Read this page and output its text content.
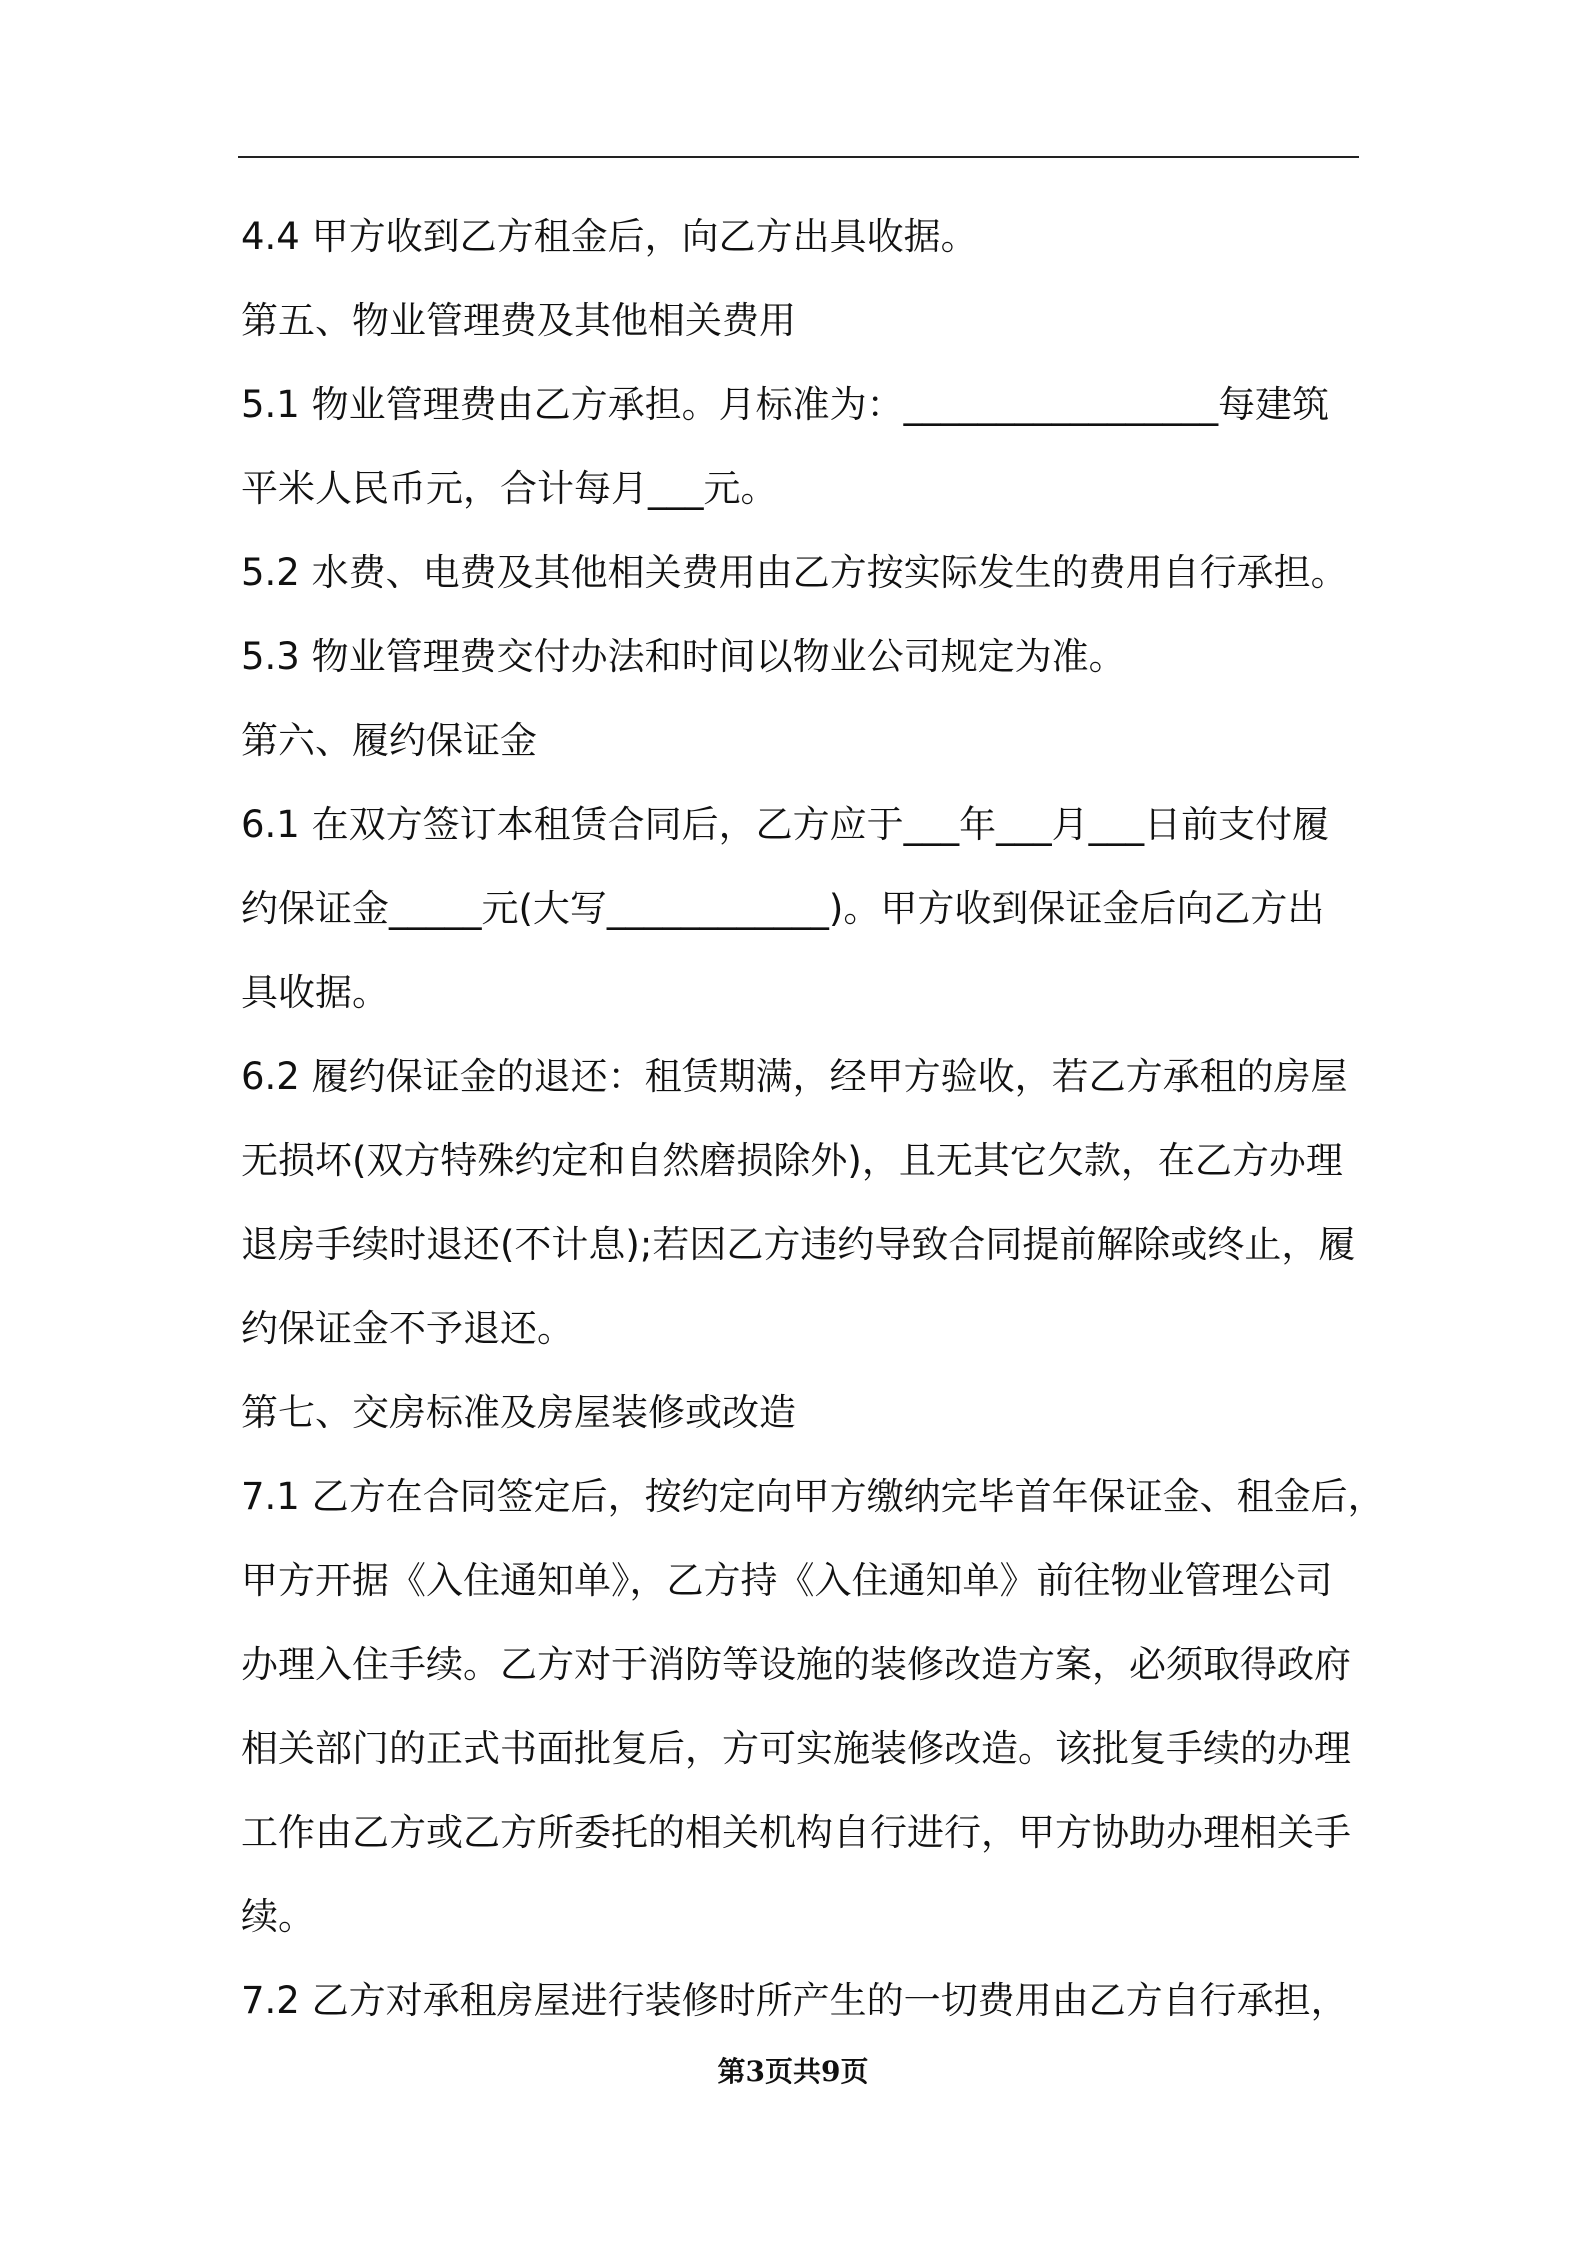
4.4 甲方收到乙方租金后，向乙方出具收据。

第五、物业管理费及其他相关费用

5.1 物业管理费由乙方承担。月标准为：_________________每建筑

平米人民币元，合计每月___元。

5.2 水费、电费及其他相关费用由乙方按实际发生的费用自行承担。

5.3 物业管理费交付办法和时间以物业公司规定为准。

第六、履约保证金

6.1 在双方签订本租赁合同后，乙方应于___年___月___日前支付履

约保证金_____元(大写____________)。甲方收到保证金后向乙方出

具收据。

6.2 履约保证金的退还：租赁期满，经甲方验收，若乙方承租的房屋

无损坏(双方特殊约定和自然磨损除外)，且无其它欠款，在乙方办理

退房手续时退还(不计息);若因乙方违约导致合同提前解除或终止，履

约保证金不予退还。

第七、交房标准及房屋装修或改造

7.1 乙方在合同签定后，按约定向甲方缴纳完毕首年保证金、租金后，

甲方开据《入住通知单》，乙方持《入住通知单》前往物业管理公司

办理入住手续。乙方对于消防等设施的装修改造方案，必须取得政府

相关部门的正式书面批复后，方可实施装修改造。该批复手续的办理

工作由乙方或乙方所委托的相关机构自行进行，甲方协助办理相关手

续。

7.2 乙方对承租房屋进行装修时所产生的一切费用由乙方自行承担，

第3页共9页
